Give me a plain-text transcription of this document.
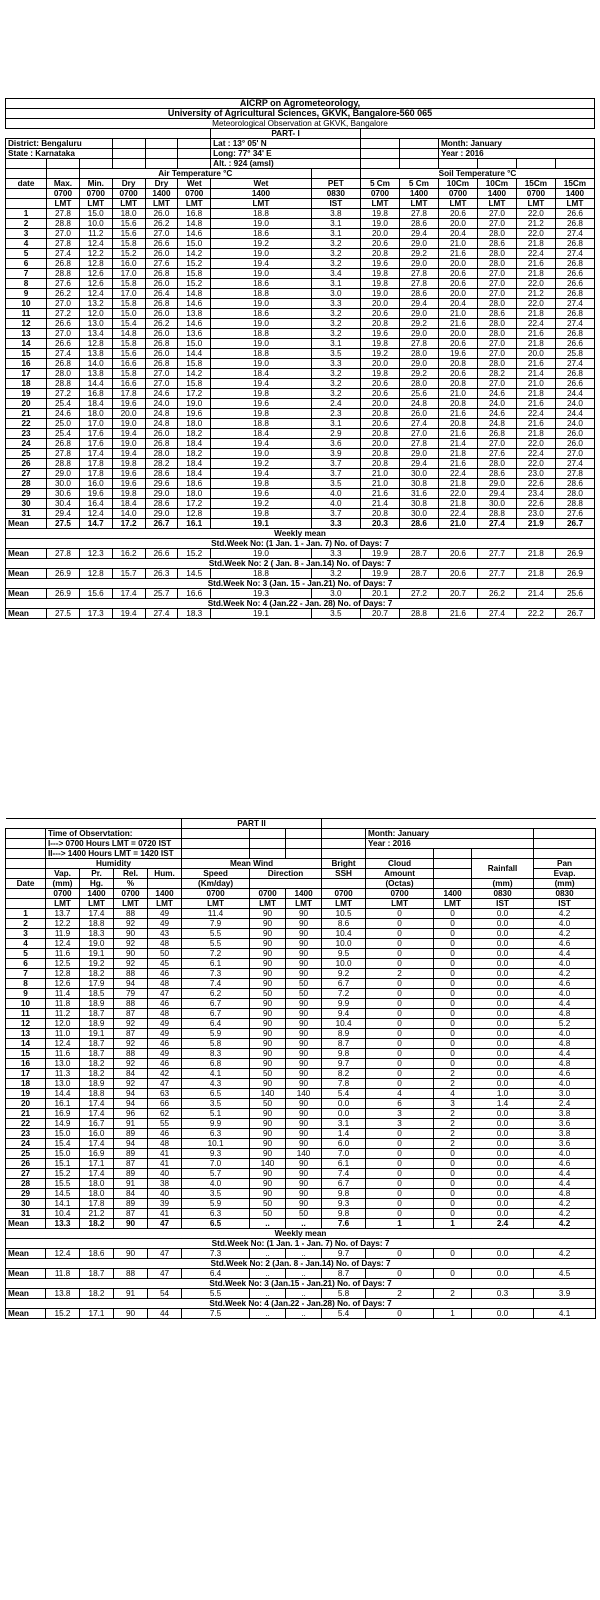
AICRP on Agrometeorology,													
University of Agricultural Sciences, GKVK, Bangalore-560 065													
Meteorological Observation at GKVK, Bangalore													
						PART- I							
District: Bengaluru						Lat : 13° 05' N				Month: January			
State : Karnataka						Long: 77° 34' E				Year : 2016			
						Alt. : 924 (amsl)							
		Air Temperature °C						Soil Temperature °C					
date	Max.	Min.	Dry	Dry	Wet	Wet	PET	5 Cm	5 Cm	10Cm	10Cm	15Cm	15Cm
	0700	0700	0700	1400	0700	1400	0830	0700	1400	0700	1400	0700	1400
	LMT	LMT	LMT	LMT	LMT	LMT	IST	LMT	LMT	LMT	LMT	LMT	LMT
1	27.8	15.0	18.0	26.0	16.8	18.8	3.8	19.8	27.8	20.6	27.0	22.0	26.6
2	28.8	10.0	15.6	26.2	14.8	19.0	3.1	19.0	28.6	20.0	27.0	21.2	26.8
3	27.0	11.2	15.6	27.0	14.6	18.6	3.1	20.0	29.4	20.4	28.0	22.0	27.4
4	27.8	12.4	15.8	26.6	15.0	19.2	3.2	20.6	29.0	21.0	28.6	21.8	26.8
5	27.4	12.2	15.2	26.0	14.2	19.0	3.2	20.8	29.2	21.6	28.0	22.4	27.4
6	26.8	12.8	16.0	27.6	15.2	19.4	3.2	19.6	29.0	20.0	28.0	21.6	26.8
7	28.8	12.6	17.0	26.8	15.8	19.0	3.4	19.8	27.8	20.6	27.0	21.8	26.6
8	27.6	12.6	15.8	26.0	15.2	18.6	3.1	19.8	27.8	20.6	27.0	22.0	26.6
9	26.2	12.4	17.0	26.4	14.8	18.8	3.0	19.0	28.6	20.0	27.0	21.2	26.8
10	27.0	13.2	15.8	26.8	14.6	19.0	3.3	20.0	29.4	20.4	28.0	22.0	27.4
11	27.2	12.0	15.0	26.0	13.8	18.6	3.2	20.6	29.0	21.0	28.6	21.8	26.8
12	26.6	13.0	15.4	26.2	14.6	19.0	3.2	20.8	29.2	21.6	28.0	22.4	27.4
13	27.0	13.4	14.8	26.0	13.6	18.8	3.2	19.6	29.0	20.0	28.0	21.6	26.8
14	26.6	12.8	15.8	26.8	15.0	19.0	3.1	19.8	27.8	20.6	27.0	21.8	26.6
15	27.4	13.8	15.6	26.0	14.4	18.8	3.5	19.2	28.0	19.6	27.0	20.0	25.8
16	26.8	14.0	16.6	26.8	15.8	19.0	3.3	20.0	29.0	20.8	28.0	21.6	27.4
17	28.0	13.8	15.8	27.0	14.2	18.4	3.2	19.8	29.2	20.6	28.2	21.4	26.8
18	28.8	14.4	16.6	27.0	15.8	19.4	3.2	20.6	28.0	20.8	27.0	21.0	26.6
19	27.2	16.8	17.8	24.6	17.2	19.8	3.2	20.6	25.6	21.0	24.6	21.8	24.4
20	25.4	18.4	19.6	24.0	19.0	19.6	2.4	20.0	24.8	20.8	24.0	21.6	24.0
21	24.6	18.0	20.0	24.8	19.6	19.8	2.3	20.8	26.0	21.6	24.6	22.4	24.4
22	25.0	17.0	19.0	24.8	18.0	18.8	3.1	20.6	27.4	20.8	24.8	21.6	24.0
23	25.4	17.6	19.4	26.0	18.2	18.4	2.9	20.8	27.0	21.6	26.8	21.8	26.0
24	26.8	17.6	19.0	26.8	18.4	19.4	3.6	20.0	27.8	21.4	27.0	22.0	26.0
25	27.8	17.4	19.4	28.0	18.2	19.0	3.9	20.8	29.0	21.8	27.6	22.4	27.0
26	28.8	17.8	19.8	28.2	18.4	19.2	3.7	20.8	29.4	21.6	28.0	22.0	27.4
27	29.0	17.8	19.6	28.6	18.4	19.4	3.7	21.0	30.0	22.4	28.6	23.0	27.8
28	30.0	16.0	19.6	29.6	18.6	19.8	3.5	21.0	30.8	21.8	29.0	22.6	28.6
29	30.6	19.6	19.8	29.0	18.0	19.6	4.0	21.6	31.6	22.0	29.4	23.4	28.0
30	30.4	16.4	18.4	28.6	17.2	19.2	4.0	21.4	30.8	21.8	30.0	22.6	28.8
31	29.4	12.4	14.0	29.0	12.8	19.8	3.7	20.8	30.0	22.4	28.8	23.0	27.6
Mean	27.5	14.7	17.2	26.7	16.1	19.1	3.3	20.3	28.6	21.0	27.4	21.9	26.7
Weekly mean													
Std.Week No: (1 Jan. 1 - Jan. 7) No. of Days: 7													
Mean	27.8	12.3	16.2	26.6	15.2	19.0	3.3	19.9	28.7	20.6	27.7	21.8	26.9
Std.Week No: 2 ( Jan. 8 - Jan.14) No. of Days: 7													
Mean	26.9	12.8	15.7	26.3	14.5	18.8	3.2	19.9	28.7	20.6	27.7	21.8	26.9
Std.Week No: 3 (Jan. 15 - Jan.21) No. of Days: 7													
Mean	26.9	15.6	17.4	25.7	16.6	19.3	3.0	20.1	27.2	20.7	26.2	21.4	25.6
Std.Week No: 4 (Jan.22 - Jan. 28) No. of Days: 7													
Mean	27.5	17.3	19.4	27.4	18.3	19.1	3.5	20.7	28.8	21.6	27.4	22.2	26.7
					PART II							
	Time of Observtation:								Month: January			
	I---> 0700 Hours LMT = 0720 IST								Year : 2016			
	II---> 1400 Hours LMT = 1420 IST											
	Humidity				Mean Wind			Bright	Cloud		Rainfall	Pan
	Vap.	Pr.	Rel.	Hum.	Speed	Direction		SSH	Amount			Evap.
Date	(mm)	Hg.	%		(Km/day)				(Octas)		(mm)	(mm)
	0700	1400	0700	1400	0700	0700	1400	0700	0700	1400	0830	0830
	LMT	LMT	LMT	LMT	LMT	LMT	LMT	LMT	LMT	LMT	IST	IST
1	13.7	17.4	88	49	11.4	90	90	10.5	0	0	0.0	4.2
2	12.2	18.8	92	49	7.9	90	90	8.6	0	0	0.0	4.0
3	11.9	18.3	90	43	5.5	90	90	10.4	0	0	0.0	4.2
4	12.4	19.0	92	48	5.5	90	90	10.0	0	0	0.0	4.6
5	11.6	19.1	90	50	7.2	90	90	9.5	0	0	0.0	4.4
6	12.5	19.2	92	45	6.1	90	90	10.0	0	0	0.0	4.0
7	12.8	18.2	88	46	7.3	90	90	9.2	2	0	0.0	4.2
8	12.6	17.9	94	48	7.4	90	50	6.7	0	0	0.0	4.6
9	11.4	18.5	79	47	6.2	50	50	7.2	0	0	0.0	4.0
10	11.8	18.9	88	46	6.7	90	90	9.9	0	0	0.0	4.4
11	11.2	18.7	87	48	6.7	90	90	9.4	0	0	0.0	4.8
12	12.0	18.9	92	49	6.4	90	90	10.4	0	0	0.0	5.2
13	11.0	19.1	87	49	5.9	90	90	8.9	0	0	0.0	4.0
14	12.4	18.7	92	46	5.8	90	90	8.7	0	0	0.0	4.8
15	11.6	18.7	88	49	8.3	90	90	9.8	0	0	0.0	4.4
16	13.0	18.2	92	46	6.8	90	90	9.7	0	0	0.0	4.8
17	11.3	18.2	84	42	4.1	50	90	8.2	0	2	0.0	4.6
18	13.0	18.9	92	47	4.3	90	90	7.8	0	2	0.0	4.0
19	14.4	18.8	94	63	6.5	140	140	5.4	4	4	1.0	3.0
20	16.1	17.4	94	66	3.5	50	90	0.0	6	3	1.4	2.4
21	16.9	17.4	96	62	5.1	90	90	0.0	3	2	0.0	3.8
22	14.9	16.7	91	55	9.9	90	90	3.1	3	2	0.0	3.6
23	15.0	16.0	89	46	6.3	90	90	1.4	0	2	0.0	3.8
24	15.4	17.4	94	48	10.1	90	90	6.0	0	2	0.0	3.6
25	15.0	16.9	89	41	9.3	90	140	7.0	0	0	0.0	4.0
26	15.1	17.1	87	41	7.0	140	90	6.1	0	0	0.0	4.6
27	15.2	17.4	89	40	5.7	90	90	7.4	0	0	0.0	4.4
28	15.5	18.0	91	38	4.0	90	90	6.7	0	0	0.0	4.4
29	14.5	18.0	84	40	3.5	90	90	9.8	0	0	0.0	4.8
30	14.1	17.8	89	39	5.9	50	90	9.3	0	0	0.0	4.2
31	10.4	21.2	87	41	6.3	50	50	9.8	0	0	0.0	4.2
Mean	13.3	18.2	90	47	6.5	..	..	7.6	1	1	2.4	4.2
Weekly mean												
Std.Week No: (1 Jan. 1 - Jan. 7) No. of Days: 7												
Mean	12.4	18.6	90	47	7.3	..	..	9.7	0	0	0.0	4.2
Std.Week No: 2 (Jan. 8 - Jan.14) No. of Days: 7												
Mean	11.8	18.7	88	47	6.4	..	..	8.7	0	0	0.0	4.5
Std.Week No: 3 (Jan.15 - Jan.21) No. of Days: 7												
Mean	13.8	18.2	91	54	5.5	..	..	5.8	2	2	0.3	3.9
Std.Week No: 4 (Jan.22 - Jan.28) No. of Days: 7												
Mean	15.2	17.1	90	44	7.5	..	..	5.4	0	1	0.0	4.1
